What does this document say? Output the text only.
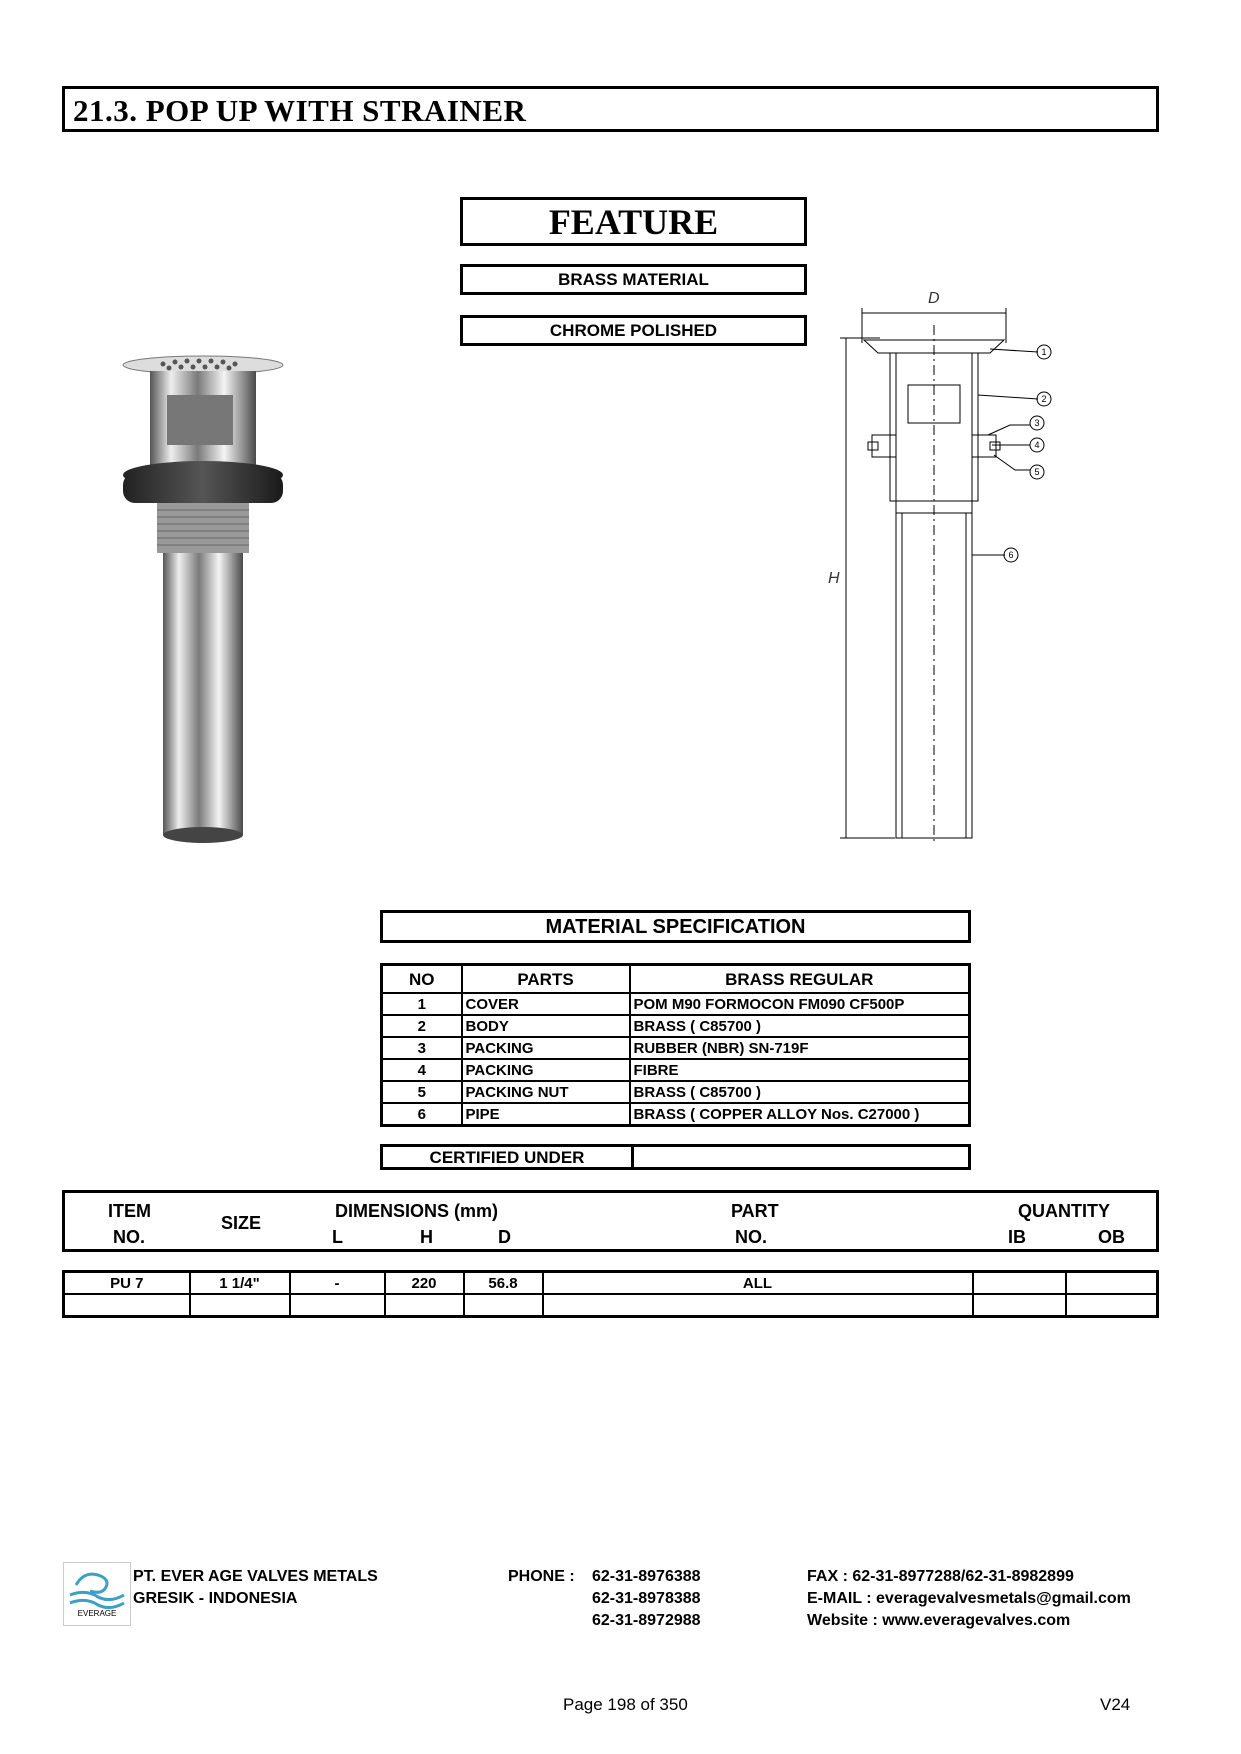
21.3. POP UP WITH STRAINER
FEATURE
BRASS MATERIAL
CHROME POLISHED
1
2
3
4
5
6
D
H
MATERIAL SPECIFICATION
NO	PARTS	BRASS REGULAR
1	COVER	POM M90 FORMOCON FM090 CF500P
2	BODY	BRASS ( C85700 )
3	PACKING	RUBBER (NBR) SN-719F
4	PACKING	FIBRE
5	PACKING NUT	BRASS ( C85700 )
6	PIPE	BRASS ( COPPER ALLOY Nos. C27000 )
CERTIFIED UNDER
ITEM
NO.
SIZE
DIMENSIONS (mm)
L	H	D
PART
NO.
QUANTITY
IB	OB
PU 7	1 1/4"	-	220	56.8	ALL		

EVERAGE
PT. EVER AGE VALVES METALS
GRESIK - INDONESIA
PHONE : 62-31-8976388
62-31-8978388
62-31-8972988
FAX : 62-31-8977288/62-31-8982899
E-MAIL : everagevalvesmetals@gmail.com
Website : www.everagevalves.com
Page 198 of 350	V24
